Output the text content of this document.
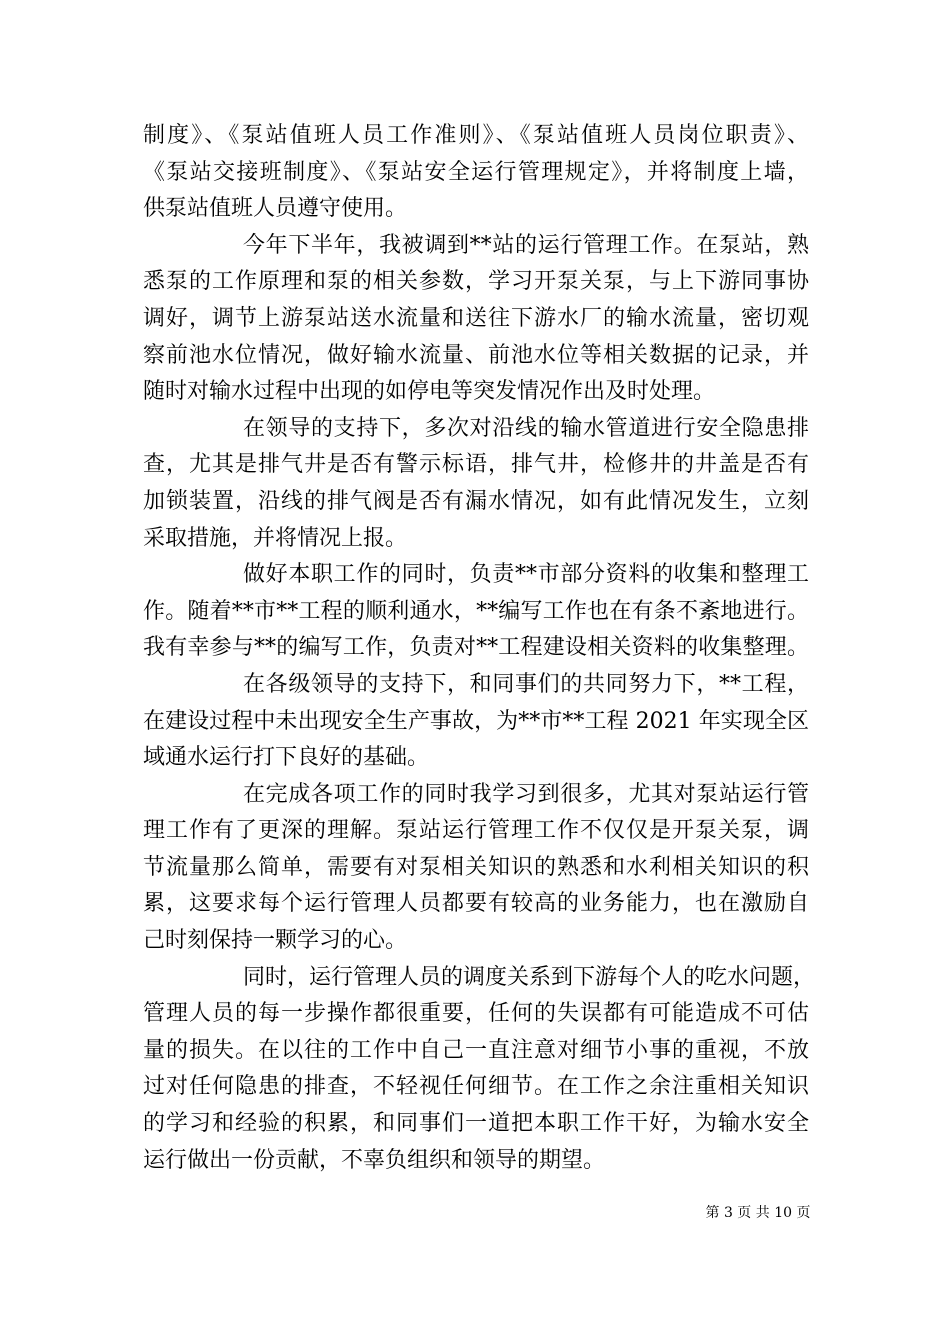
制度》、《泵站值班人员工作准则》、《泵站值班人员岗位职责》、
《泵站交接班制度》、《泵站安全运行管理规定》，并将制度上墙，
供泵站值班人员遵守使用。
今年下半年，我被调到**站的运行管理工作。在泵站，熟
悉泵的工作原理和泵的相关参数，学习开泵关泵，与上下游同事协
调好，调节上游泵站送水流量和送往下游水厂的输水流量，密切观
察前池水位情况，做好输水流量、前池水位等相关数据的记录，并
随时对输水过程中出现的如停电等突发情况作出及时处理。
在领导的支持下，多次对沿线的输水管道进行安全隐患排
查，尤其是排气井是否有警示标语，排气井，检修井的井盖是否有
加锁装置，沿线的排气阀是否有漏水情况，如有此情况发生，立刻
采取措施，并将情况上报。
做好本职工作的同时，负责**市部分资料的收集和整理工
作。随着**市**工程的顺利通水，**编写工作也在有条不紊地进行。
我有幸参与**的编写工作，负责对**工程建设相关资料的收集整理。
在各级领导的支持下，和同事们的共同努力下，**工程，
在建设过程中未出现安全生产事故，为**市**工程 2021 年实现全区
域通水运行打下良好的基础。
在完成各项工作的同时我学习到很多，尤其对泵站运行管
理工作有了更深的理解。泵站运行管理工作不仅仅是开泵关泵，调
节流量那么简单，需要有对泵相关知识的熟悉和水利相关知识的积
累，这要求每个运行管理人员都要有较高的业务能力，也在激励自
己时刻保持一颗学习的心。
同时，运行管理人员的调度关系到下游每个人的吃水问题，
管理人员的每一步操作都很重要，任何的失误都有可能造成不可估
量的损失。在以往的工作中自己一直注意对细节小事的重视，不放
过对任何隐患的排查，不轻视任何细节。在工作之余注重相关知识
的学习和经验的积累，和同事们一道把本职工作干好，为输水安全
运行做出一份贡献，不辜负组织和领导的期望。
第 3 页 共 10 页
